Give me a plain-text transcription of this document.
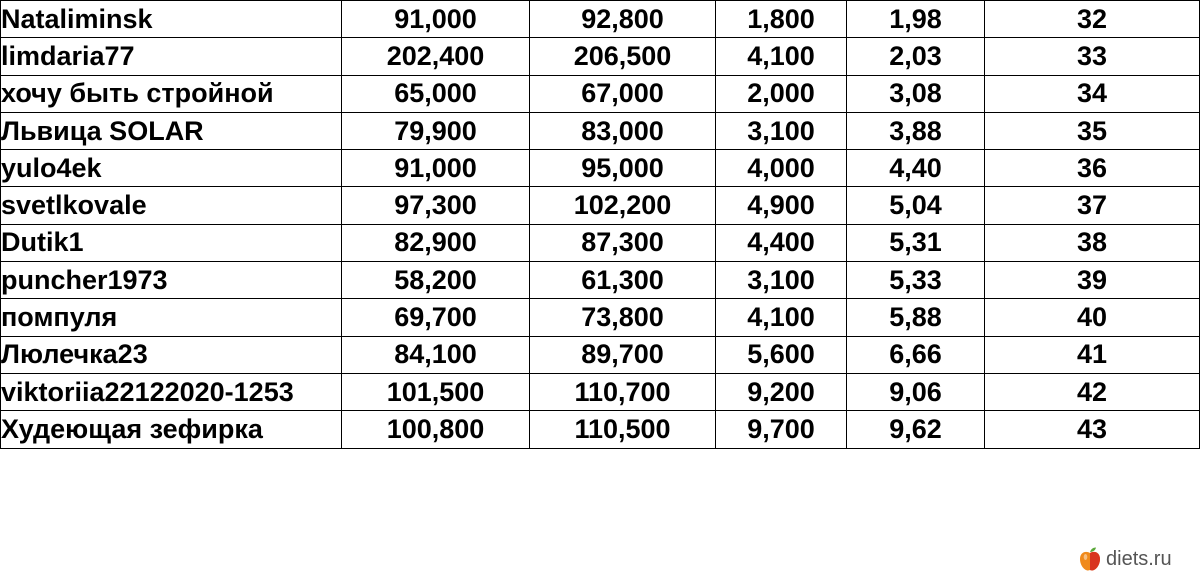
Nataliminsk	91,000	92,800	1,800	1,98	32
limdaria77	202,400	206,500	4,100	2,03	33
хочу быть стройной	65,000	67,000	2,000	3,08	34
Львица SOLAR	79,900	83,000	3,100	3,88	35
yulo4ek	91,000	95,000	4,000	4,40	36
svetlkovale	97,300	102,200	4,900	5,04	37
Dutik1	82,900	87,300	4,400	5,31	38
puncher1973	58,200	61,300	3,100	5,33	39
помпуля	69,700	73,800	4,100	5,88	40
Люлечка23	84,100	89,700	5,600	6,66	41
viktoriia22122020-1253	101,500	110,700	9,200	9,06	42
Худеющая зефирка	100,800	110,500	9,700	9,62	43
diets.ru
